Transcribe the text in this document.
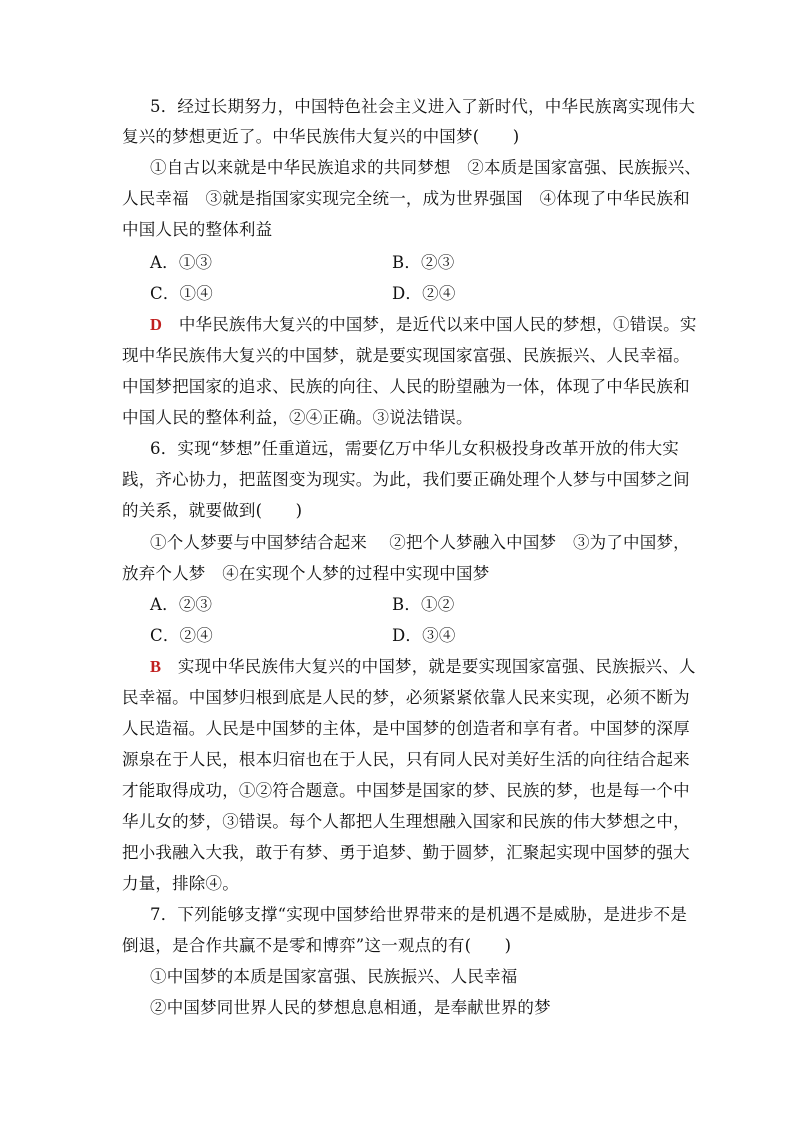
5．经过长期努力，中国特色社会主义进入了新时代，中华民族离实现伟大
复兴的梦想更近了。中华民族伟大复兴的中国梦(　　)
①自古以来就是中华民族追求的共同梦想　②本质是国家富强、民族振兴、
人民幸福　③就是指国家实现完全统一，成为世界强国　④体现了中华民族和
中国人民的整体利益
A．①③	B．②③
C．①④	D．②④
D　中华民族伟大复兴的中国梦，是近代以来中国人民的梦想，①错误。实
现中华民族伟大复兴的中国梦，就是要实现国家富强、民族振兴、人民幸福。
中国梦把国家的追求、民族的向往、人民的盼望融为一体，体现了中华民族和
中国人民的整体利益，②④正确。③说法错误。
6．实现“梦想”任重道远，需要亿万中华儿女积极投身改革开放的伟大实
践，齐心协力，把蓝图变为现实。为此，我们要正确处理个人梦与中国梦之间
的关系，就要做到(　　)
①个人梦要与中国梦结合起来　 ②把个人梦融入中国梦　③为了中国梦，
放弃个人梦　④在实现个人梦的过程中实现中国梦
A．②③	B．①②
C．②④	D．③④
B　实现中华民族伟大复兴的中国梦，就是要实现国家富强、民族振兴、人
民幸福。中国梦归根到底是人民的梦，必须紧紧依靠人民来实现，必须不断为
人民造福。人民是中国梦的主体，是中国梦的创造者和享有者。中国梦的深厚
源泉在于人民，根本归宿也在于人民，只有同人民对美好生活的向往结合起来
才能取得成功，①②符合题意。中国梦是国家的梦、民族的梦，也是每一个中
华儿女的梦，③错误。每个人都把人生理想融入国家和民族的伟大梦想之中，
把小我融入大我，敢于有梦、勇于追梦、勤于圆梦，汇聚起实现中国梦的强大
力量，排除④。
7．下列能够支撑“实现中国梦给世界带来的是机遇不是威胁，是进步不是
倒退，是合作共赢不是零和博弈”这一观点的有(　　)
①中国梦的本质是国家富强、民族振兴、人民幸福
②中国梦同世界人民的梦想息息相通，是奉献世界的梦
